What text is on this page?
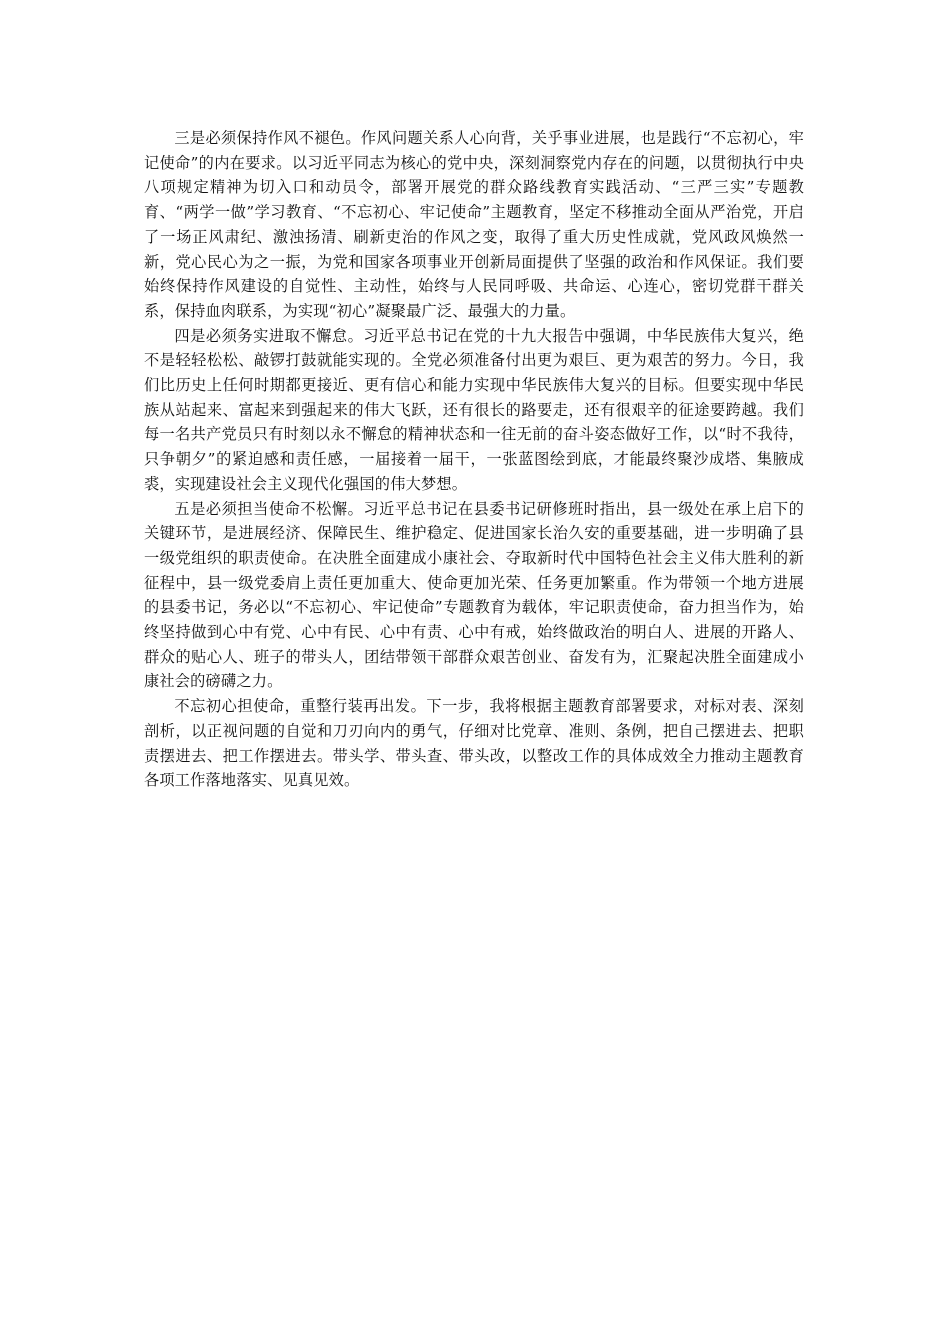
三是必须保持作风不褪色。作风问题关系人心向背，关乎事业进展，也是践行“不忘初心，牢记使命”的内在要求。以习近平同志为核心的党中央，深刻洞察党内存在的问题，以贯彻执行中央八项规定精神为切入口和动员令，部署开展党的群众路线教育实践活动、“三严三实”专题教育、“两学一做”学习教育、“不忘初心、牢记使命”主题教育，坚定不移推动全面从严治党，开启了一场正风肃纪、激浊扬清、刷新吏治的作风之变，取得了重大历史性成就，党风政风焕然一新，党心民心为之一振，为党和国家各项事业开创新局面提供了坚强的政治和作风保证。我们要始终保持作风建设的自觉性、主动性，始终与人民同呼吸、共命运、心连心，密切党群干群关系，保持血肉联系，为实现“初心”凝聚最广泛、最强大的力量。

四是必须务实进取不懈怠。习近平总书记在党的十九大报告中强调，中华民族伟大复兴，绝不是轻轻松松、敲锣打鼓就能实现的。全党必须准备付出更为艰巨、更为艰苦的努力。今日，我们比历史上任何时期都更接近、更有信心和能力实现中华民族伟大复兴的目标。但要实现中华民族从站起来、富起来到强起来的伟大飞跃，还有很长的路要走，还有很艰辛的征途要跨越。我们每一名共产党员只有时刻以永不懈怠的精神状态和一往无前的奋斗姿态做好工作，以“时不我待，只争朝夕”的紧迫感和责任感，一届接着一届干，一张蓝图绘到底，才能最终聚沙成塔、集腋成裘，实现建设社会主义现代化强国的伟大梦想。

五是必须担当使命不松懈。习近平总书记在县委书记研修班时指出，县一级处在承上启下的关键环节，是进展经济、保障民生、维护稳定、促进国家长治久安的重要基础，进一步明确了县一级党组织的职责使命。在决胜全面建成小康社会、夺取新时代中国特色社会主义伟大胜利的新征程中，县一级党委肩上责任更加重大、使命更加光荣、任务更加繁重。作为带领一个地方进展的县委书记，务必以“不忘初心、牢记使命”专题教育为载体，牢记职责使命，奋力担当作为，始终坚持做到心中有党、心中有民、心中有责、心中有戒，始终做政治的明白人、进展的开路人、群众的贴心人、班子的带头人，团结带领干部群众艰苦创业、奋发有为，汇聚起决胜全面建成小康社会的磅礴之力。

不忘初心担使命，重整行装再出发。下一步，我将根据主题教育部署要求，对标对表、深刻剖析，以正视问题的自觉和刀刃向内的勇气，仔细对比党章、准则、条例，把自己摆进去、把职责摆进去、把工作摆进去。带头学、带头查、带头改，以整改工作的具体成效全力推动主题教育各项工作落地落实、见真见效。
